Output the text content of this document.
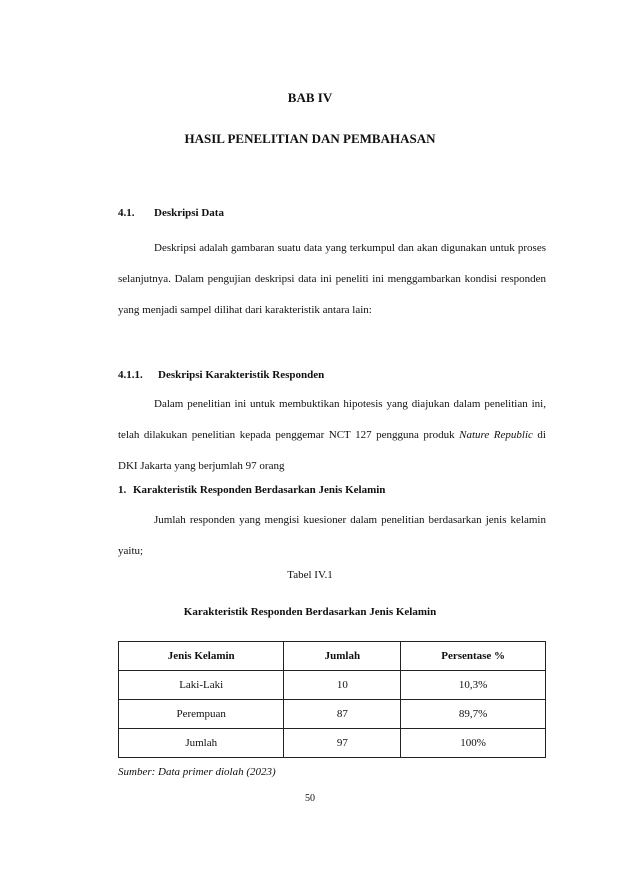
BAB IV
HASIL PENELITIAN DAN PEMBAHASAN
4.1. Deskripsi Data

Deskripsi adalah gambaran suatu data yang terkumpul dan akan digunakan untuk proses selanjutnya. Dalam pengujian deskripsi data ini peneliti ini menggambarkan kondisi responden yang menjadi sampel dilihat dari karakteristik antara lain:

4.1.1. Deskripsi Karakteristik Responden

Dalam penelitian ini untuk membuktikan hipotesis yang diajukan dalam penelitian ini, telah dilakukan penelitian kepada penggemar NCT 127 pengguna produk Nature Republic di DKI Jakarta yang berjumlah 97 orang

1. Karakteristik Responden Berdasarkan Jenis Kelamin

Jumlah responden yang mengisi kuesioner dalam penelitian berdasarkan jenis kelamin yaitu;

Tabel IV.1
Karakteristik Responden Berdasarkan Jenis Kelamin
Jenis Kelamin	Jumlah	Persentase %
Laki-Laki	10	10,3%
Perempuan	87	89,7%
Jumlah	97	100%
Sumber: Data primer diolah (2023)
50
